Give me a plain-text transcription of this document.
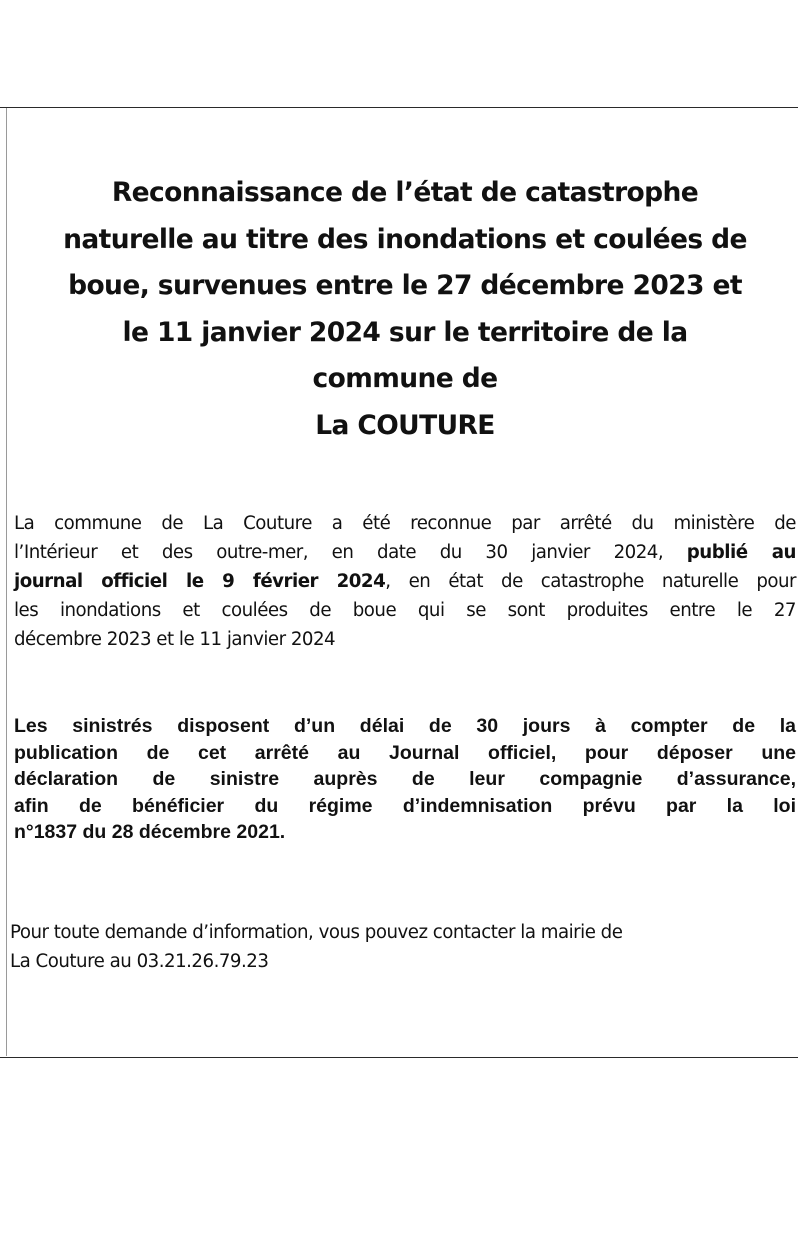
Reconnaissance de l’état de catastrophe
naturelle au titre des inondations et coulées de
boue, survenues entre le 27 décembre 2023 et
le 11 janvier 2024 sur le territoire de la
commune de
La COUTURE
La commune de La Couture a été reconnue par arrêté du ministère de
l’Intérieur et des outre-mer, en date du 30 janvier 2024, publié au
journal officiel le 9 février 2024, en état de catastrophe naturelle pour
les inondations et coulées de boue qui se sont produites entre le 27
décembre 2023 et le 11 janvier 2024
Les sinistrés disposent d’un délai de 30 jours à compter de la
publication de cet arrêté au Journal officiel, pour déposer une
déclaration de sinistre auprès de leur compagnie d’assurance,
afin de bénéficier du régime d’indemnisation prévu par la loi
n°1837 du 28 décembre 2021.
Pour toute demande d’information, vous pouvez contacter la mairie de
La Couture au 03.21.26.79.23
